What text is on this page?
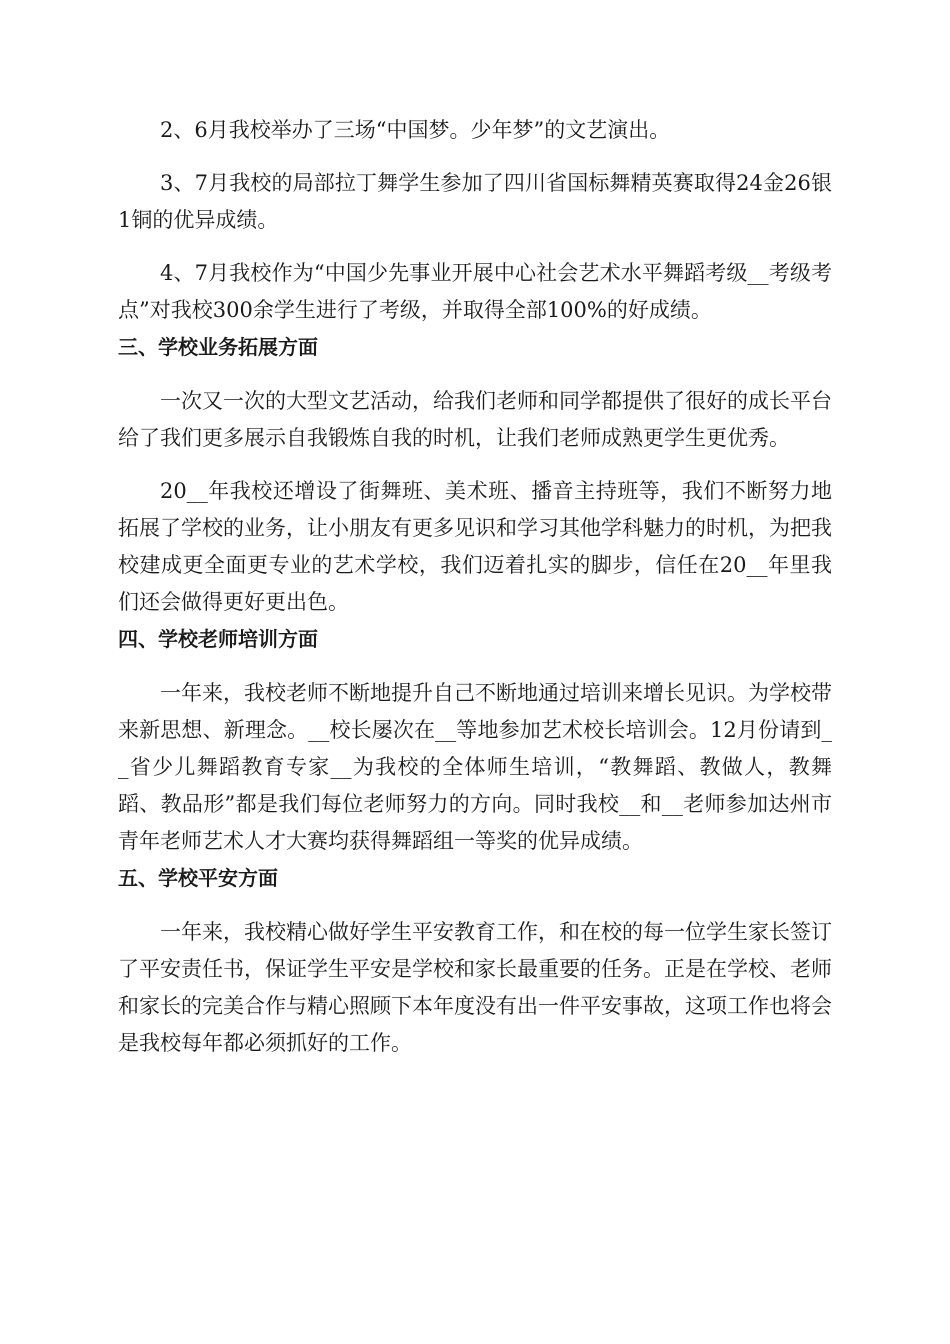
2、6月我校举办了三场“中国梦。少年梦”的文艺演出。

3、7月我校的局部拉丁舞学生参加了四川省国标舞精英赛取得24金26银1铜的优异成绩。

4、7月我校作为“中国少先事业开展中心社会艺术水平舞蹈考级__考级考点”对我校300余学生进行了考级，并取得全部100%的好成绩。

三、学校业务拓展方面

一次又一次的大型文艺活动，给我们老师和同学都提供了很好的成长平台给了我们更多展示自我锻炼自我的时机，让我们老师成熟更学生更优秀。

20__年我校还增设了街舞班、美术班、播音主持班等，我们不断努力地拓展了学校的业务，让小朋友有更多见识和学习其他学科魅力的时机，为把我校建成更全面更专业的艺术学校，我们迈着扎实的脚步，信任在20__年里我们还会做得更好更出色。

四、学校老师培训方面

一年来，我校老师不断地提升自己不断地通过培训来增长见识。为学校带来新思想、新理念。__校长屡次在__等地参加艺术校长培训会。12月份请到__省少儿舞蹈教育专家__为我校的全体师生培训，“教舞蹈、教做人，教舞蹈、教品形”都是我们每位老师努力的方向。同时我校__和__老师参加达州市青年老师艺术人才大赛均获得舞蹈组一等奖的优异成绩。

五、学校平安方面

一年来，我校精心做好学生平安教育工作，和在校的每一位学生家长签订了平安责任书，保证学生平安是学校和家长最重要的任务。正是在学校、老师和家长的完美合作与精心照顾下本年度没有出一件平安事故，这项工作也将会是我校每年都必须抓好的工作。
